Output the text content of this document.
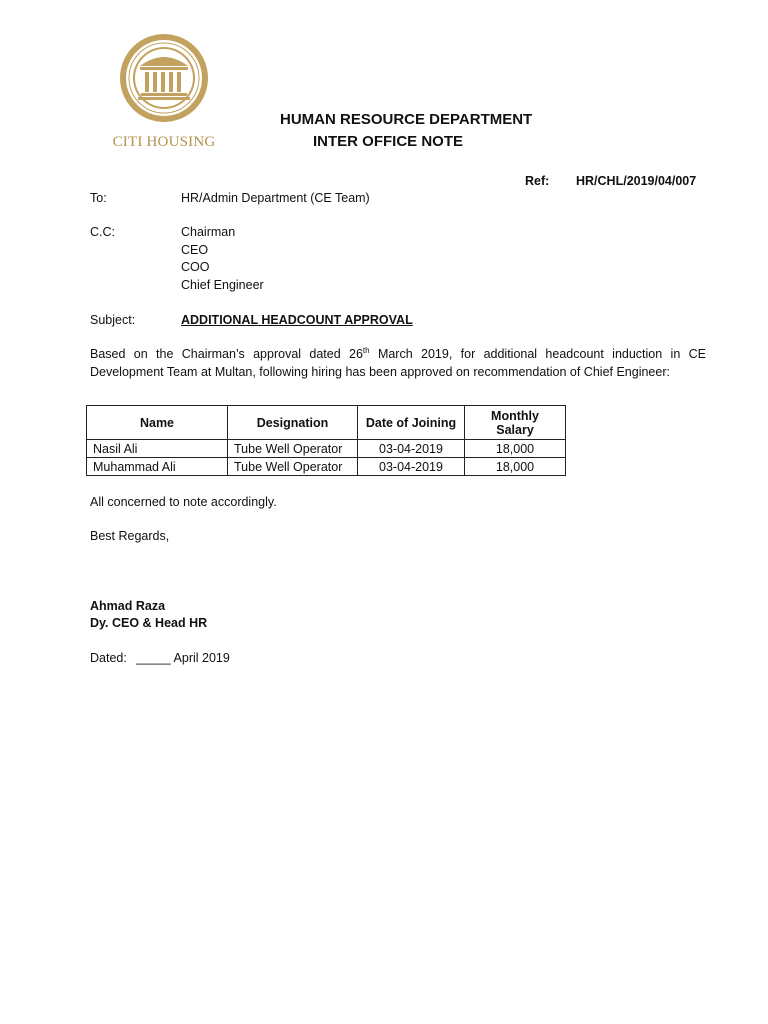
CITI HOUSING
HUMAN RESOURCE DEPARTMENT
INTER OFFICE NOTE
Ref: HR/CHL/2019/04/007
To:	HR/Admin Department (CE Team)
C.C:	Chairman
CEO
COO
Chief Engineer
Subject:	ADDITIONAL HEADCOUNT APPROVAL
Based on the Chairman’s approval dated 26th March 2019, for additional headcount induction in CE Development Team at Multan, following hiring has been approved on recommendation of Chief Engineer:
Name	Designation	Date of Joining	Monthly Salary
Nasil Ali	Tube Well Operator	03-04-2019	18,000
Muhammad Ali	Tube Well Operator	03-04-2019	18,000
All concerned to note accordingly.
Best Regards,
Ahmad Raza
Dy. CEO & Head HR
Dated: _____ April 2019
